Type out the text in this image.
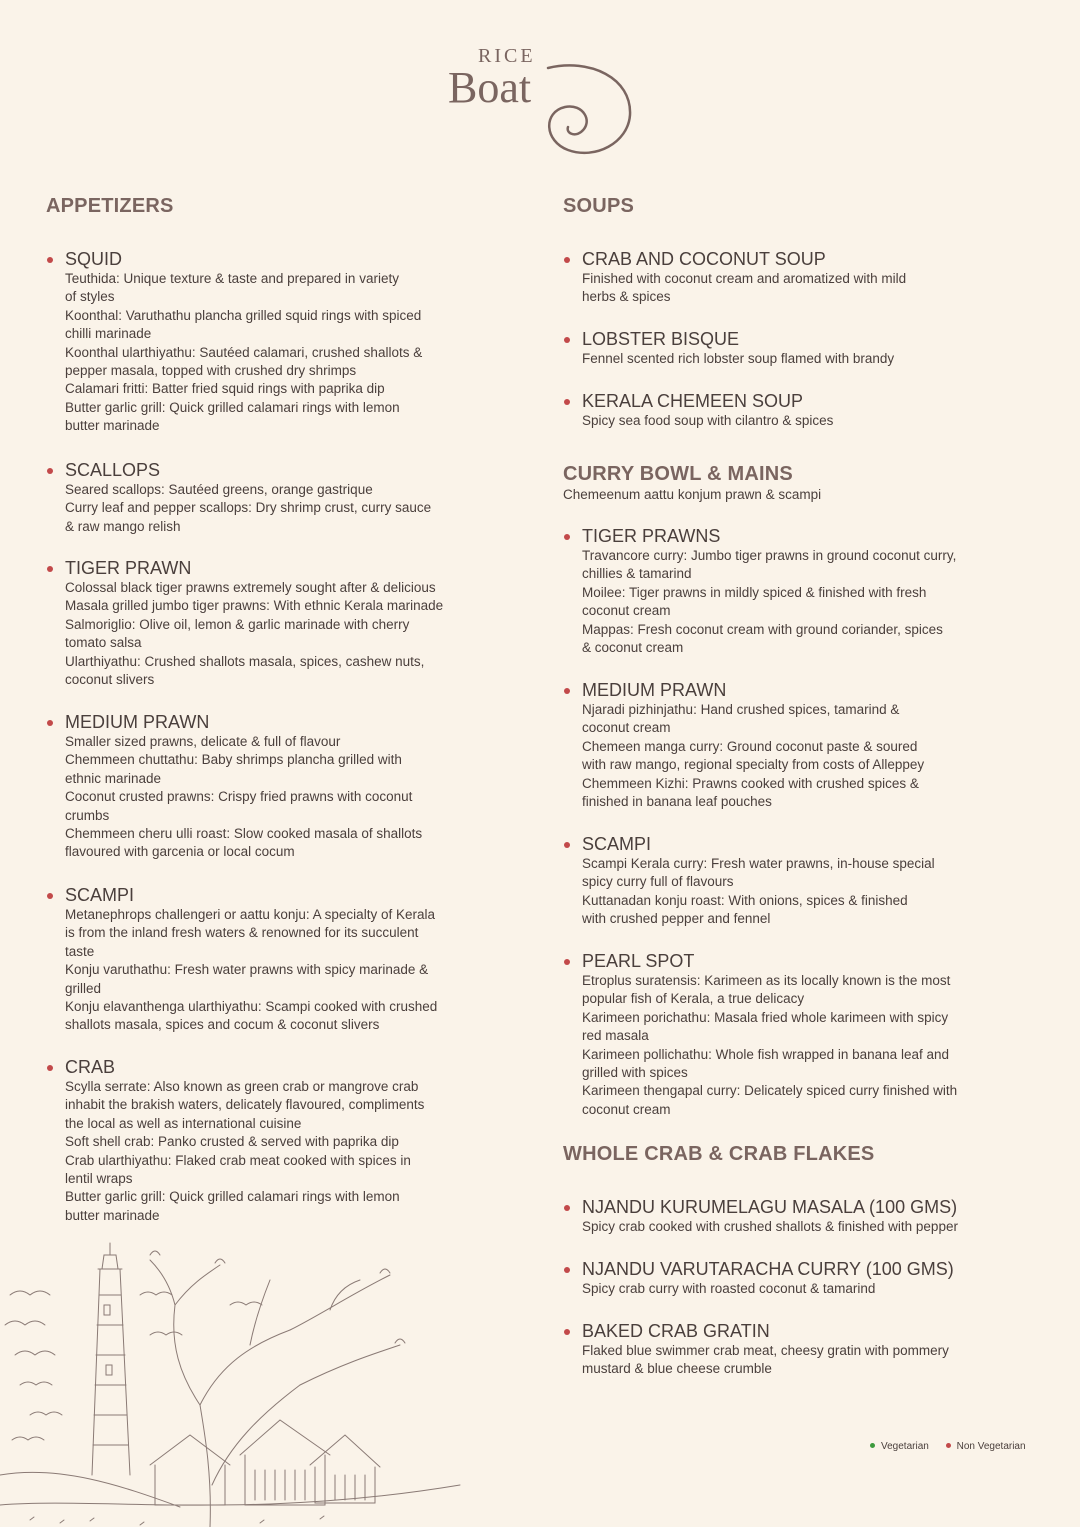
RICE
Boat
APPETIZERS
SQUID
Teuthida: Unique texture & taste and prepared in variety
of styles
Koonthal: Varuthathu plancha grilled squid rings with spiced
chilli marinade
Koonthal ularthiyathu: Sautéed calamari, crushed shallots &
pepper masala, topped with crushed dry shrimps
Calamari fritti: Batter fried squid rings with paprika dip
Butter garlic grill: Quick grilled calamari rings with lemon
butter marinade
SCALLOPS
Seared scallops: Sautéed greens, orange gastrique
Curry leaf and pepper scallops: Dry shrimp crust, curry sauce
& raw mango relish
TIGER PRAWN
Colossal black tiger prawns extremely sought after & delicious
Masala grilled jumbo tiger prawns: With ethnic Kerala marinade
Salmoriglio: Olive oil, lemon & garlic marinade with cherry
tomato salsa
Ularthiyathu: Crushed shallots masala, spices, cashew nuts,
coconut slivers
MEDIUM PRAWN
Smaller sized prawns, delicate & full of flavour
Chemmeen chuttathu: Baby shrimps plancha grilled with
ethnic marinade
Coconut crusted prawns: Crispy fried prawns with coconut
crumbs
Chemmeen cheru ulli roast: Slow cooked masala of shallots
flavoured with garcenia or local cocum
SCAMPI
Metanephrops challengeri or aattu konju: A specialty of Kerala
is from the inland fresh waters & renowned for its succulent
taste
Konju varuthathu: Fresh water prawns with spicy marinade &
grilled
Konju elavanthenga ularthiyathu: Scampi cooked with crushed
shallots masala, spices and cocum & coconut slivers
CRAB
Scylla serrate: Also known as green crab or mangrove crab
inhabit the brakish waters, delicately flavoured, compliments
the local as well as international cuisine
Soft shell crab: Panko crusted & served with paprika dip
Crab ularthiyathu: Flaked crab meat cooked with spices in
lentil wraps
Butter garlic grill: Quick grilled calamari rings with lemon
butter marinade
SOUPS
CRAB AND COCONUT SOUP
Finished with coconut cream and aromatized with mild
herbs & spices
LOBSTER BISQUE
Fennel scented rich lobster soup flamed with brandy
KERALA CHEMEEN SOUP
Spicy sea food soup with cilantro & spices
CURRY BOWL & MAINS
Chemeenum aattu konjum prawn & scampi
TIGER PRAWNS
Travancore curry: Jumbo tiger prawns in ground coconut curry,
chillies & tamarind
Moilee: Tiger prawns in mildly spiced & finished with fresh
coconut cream
Mappas: Fresh coconut cream with ground coriander, spices
& coconut cream
MEDIUM PRAWN
Njaradi pizhinjathu: Hand crushed spices, tamarind &
coconut cream
Chemeen manga curry: Ground coconut paste & soured
with raw mango, regional specialty from costs of Alleppey
Chemmeen Kizhi: Prawns cooked with crushed spices &
finished in banana leaf pouches
SCAMPI
Scampi Kerala curry: Fresh water prawns, in-house special
spicy curry full of flavours
Kuttanadan konju roast: With onions, spices & finished
with crushed pepper and fennel
PEARL SPOT
Etroplus suratensis: Karimeen as its locally known is the most
popular fish of Kerala, a true delicacy
Karimeen porichathu: Masala fried whole karimeen with spicy
red masala
Karimeen pollichathu: Whole fish wrapped in banana leaf and
grilled with spices
Karimeen thengapal curry: Delicately spiced curry finished with
coconut cream
WHOLE CRAB & CRAB FLAKES
NJANDU KURUMELAGU MASALA (100 GMS)
Spicy crab cooked with crushed shallots & finished with pepper
NJANDU VARUTARACHA CURRY (100 GMS)
Spicy crab curry with roasted coconut & tamarind
BAKED CRAB GRATIN
Flaked blue swimmer crab meat, cheesy gratin with pommery
mustard & blue cheese crumble
Vegetarian	Non Vegetarian
